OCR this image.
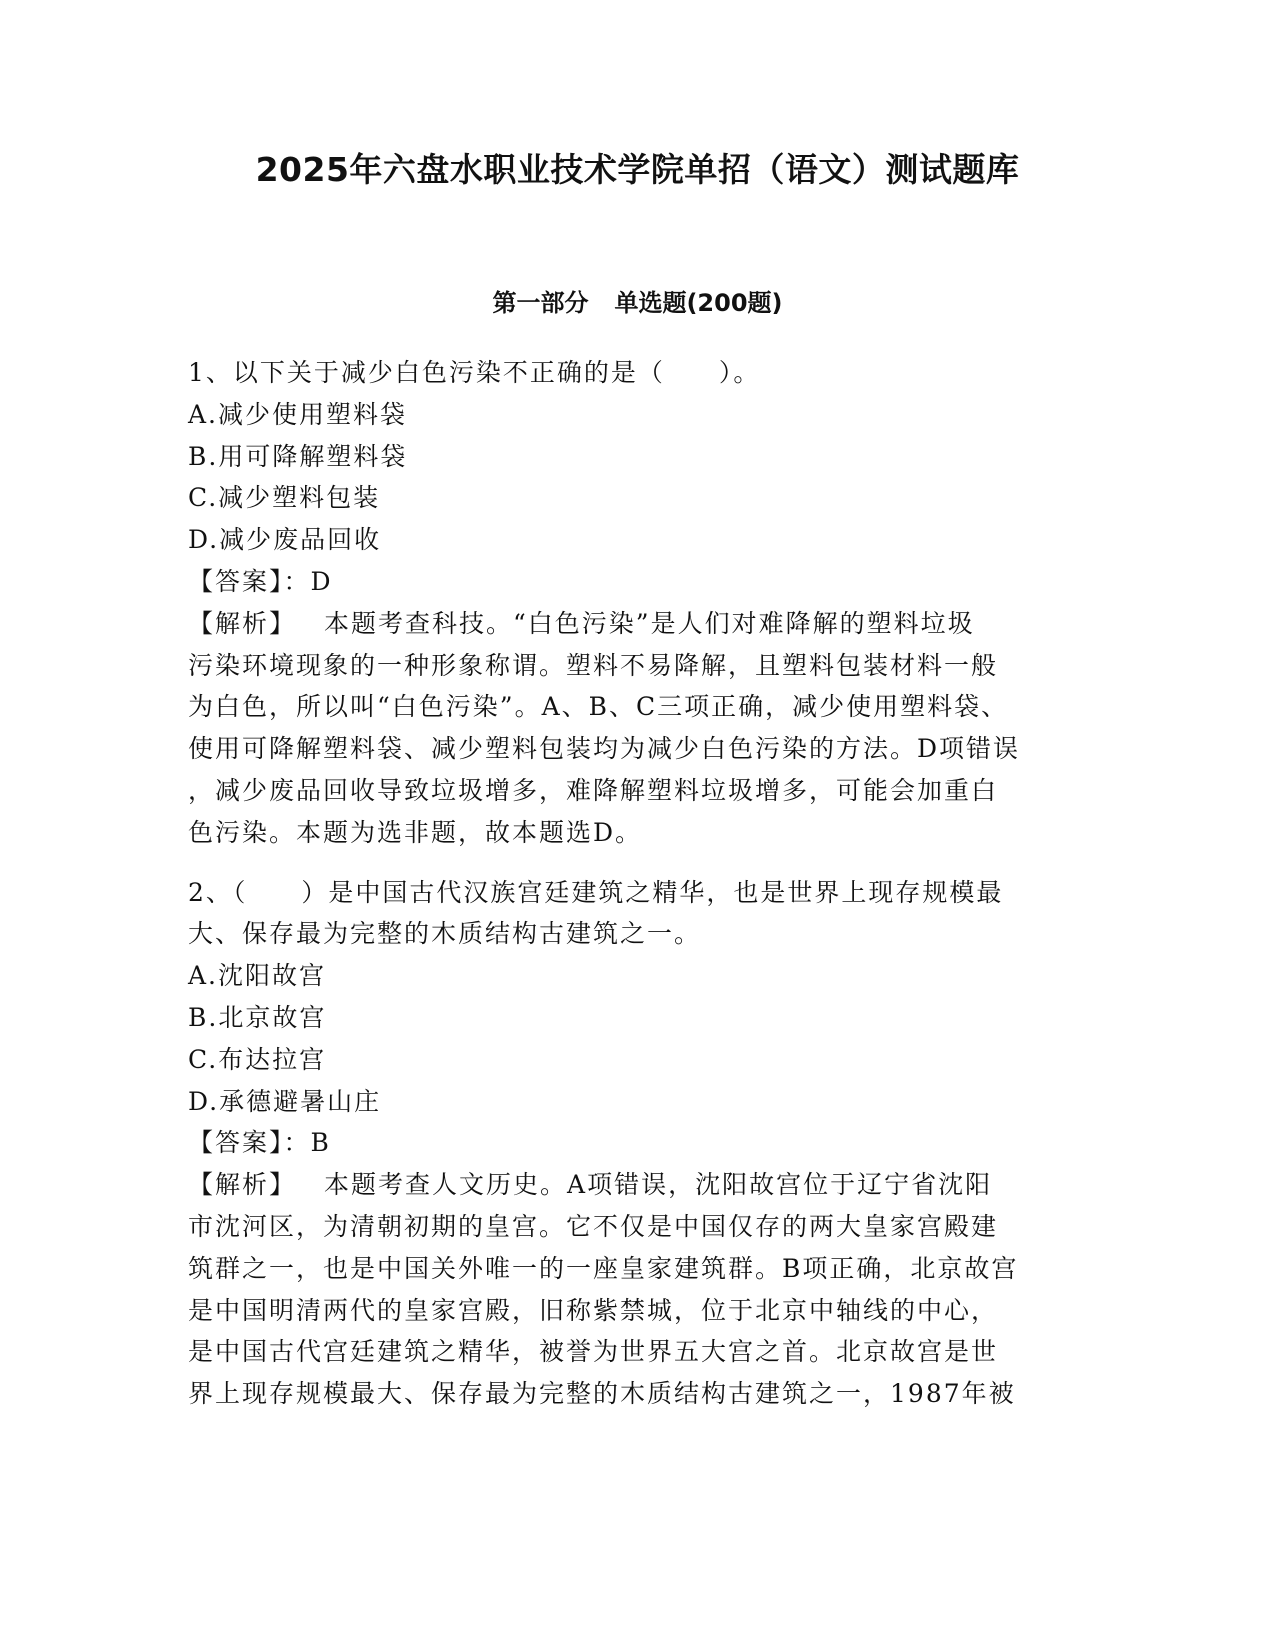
2025年六盘水职业技术学院单招（语文）测试题库
第一部分 单选题(200题)

1、以下关于减少白色污染不正确的是（　　）。

A.减少使用塑料袋

B.用可降解塑料袋

C.减少塑料包装

D.减少废品回收

【答案】：D

【解析】 本题考查科技。“白色污染”是人们对难降解的塑料垃圾

污染环境现象的一种形象称谓。塑料不易降解，且塑料包装材料一般

为白色，所以叫“白色污染”。A、B、C三项正确，减少使用塑料袋、

使用可降解塑料袋、减少塑料包装均为减少白色污染的方法。D项错误

，减少废品回收导致垃圾增多，难降解塑料垃圾增多，可能会加重白

色污染。本题为选非题，故本题选D。

2、（　　）是中国古代汉族宫廷建筑之精华，也是世界上现存规模最

大、保存最为完整的木质结构古建筑之一。

A.沈阳故宫

B.北京故宫

C.布达拉宫

D.承德避暑山庄

【答案】：B

【解析】 本题考查人文历史。A项错误，沈阳故宫位于辽宁省沈阳

市沈河区，为清朝初期的皇宫。它不仅是中国仅存的两大皇家宫殿建

筑群之一，也是中国关外唯一的一座皇家建筑群。B项正确，北京故宫

是中国明清两代的皇家宫殿，旧称紫禁城，位于北京中轴线的中心，

是中国古代宫廷建筑之精华，被誉为世界五大宫之首。北京故宫是世

界上现存规模最大、保存最为完整的木质结构古建筑之一，1987年被
